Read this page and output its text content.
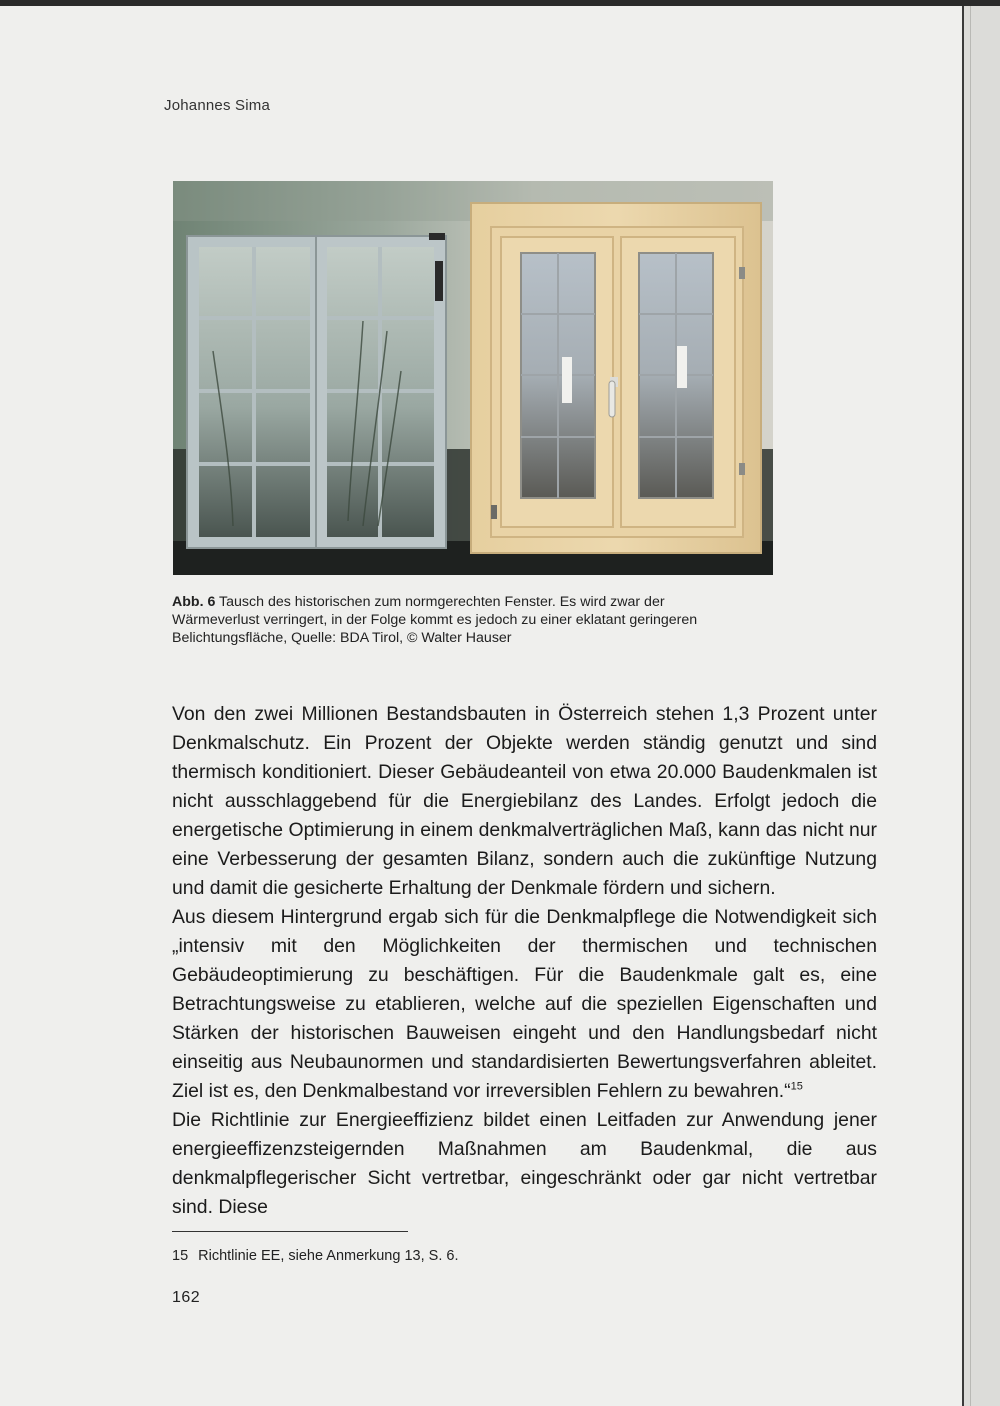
Johannes Sima
Abb. 6 Tausch des historischen zum normgerechten Fenster. Es wird zwar der
Wärmeverlust verringert, in der Folge kommt es jedoch zu einer eklatant geringeren
Belichtungsfläche, Quelle: BDA Tirol, © Walter Hauser

Von den zwei Millionen Bestandsbauten in Österreich stehen 1,3 Prozent unter Denkmalschutz. Ein Prozent der Objekte werden ständig genutzt und sind thermisch konditioniert. Dieser Gebäudeanteil von etwa 20.000 Baudenkmalen ist nicht ausschlaggebend für die Energiebilanz des Landes. Erfolgt jedoch die energetische Optimierung in einem denkmalverträglichen Maß, kann das nicht nur eine Verbesserung der gesamten Bilanz, sondern auch die zukünftige Nutzung und damit die gesicherte Erhaltung der Denkmale fördern und sichern.

Aus diesem Hintergrund ergab sich für die Denkmalpflege die Notwendigkeit sich „intensiv mit den Möglichkeiten der thermischen und technischen Gebäudeoptimierung zu beschäftigen. Für die Baudenkmale galt es, eine Betrachtungsweise zu etablieren, welche auf die speziellen Eigenschaften und Stärken der historischen Bauweisen eingeht und den Handlungsbedarf nicht einseitig aus Neubaunormen und standardisierten Bewertungsverfahren ableitet. Ziel ist es, den Denkmalbestand vor irreversiblen Fehlern zu bewahren.“$^{15}$

Die Richtlinie zur Energieeffizienz bildet einen Leitfaden zur Anwendung jener energieeffizenzsteigernden Maßnahmen am Baudenkmal, die aus denkmalpflegerischer Sicht vertretbar, eingeschränkt oder gar nicht vertretbar sind. Diese

15 Richtlinie EE, siehe Anmerkung 13, S. 6.
162
